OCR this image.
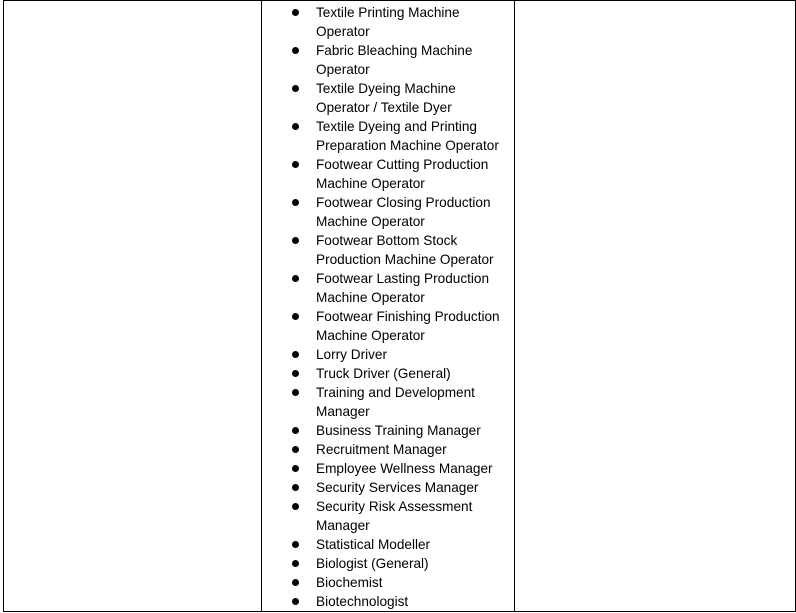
Textile Printing Machine Operator
Fabric Bleaching Machine Operator
Textile Dyeing Machine Operator / Textile Dyer
Textile Dyeing and Printing Preparation Machine Operator
Footwear Cutting Production Machine Operator
Footwear Closing Production Machine Operator
Footwear Bottom Stock Production Machine Operator
Footwear Lasting Production Machine Operator
Footwear Finishing Production Machine Operator
Lorry Driver
Truck Driver (General)
Training and Development Manager
Business Training Manager
Recruitment Manager
Employee Wellness Manager
Security Services Manager
Security Risk Assessment Manager
Statistical Modeller
Biologist (General)
Biochemist
Biotechnologist
